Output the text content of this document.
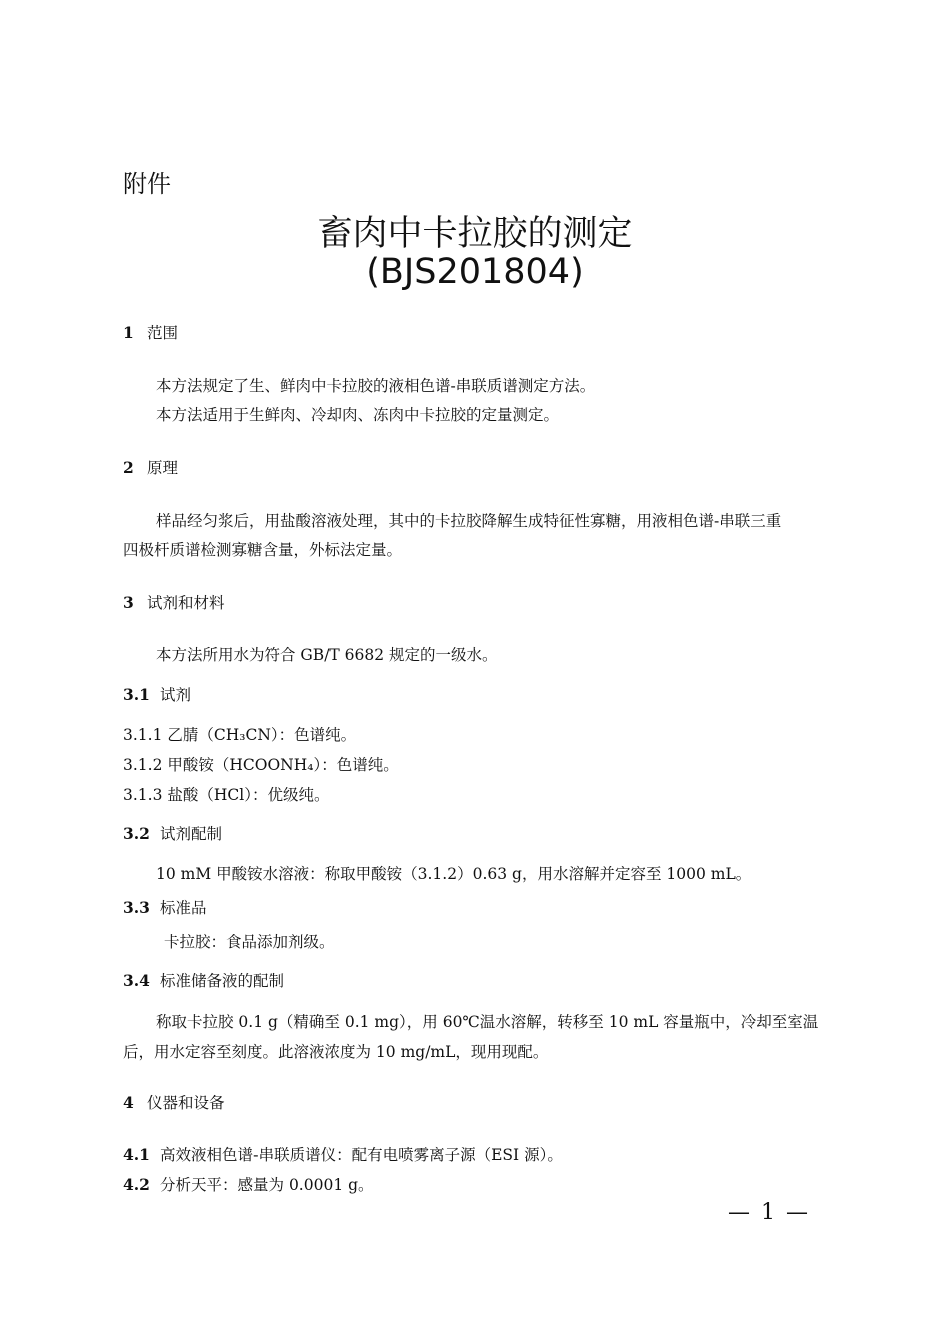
附件
畜肉中卡拉胶的测定
(BJS201804)
1 范围
本方法规定了生、鲜肉中卡拉胶的液相色谱-串联质谱测定方法。
本方法适用于生鲜肉、冷却肉、冻肉中卡拉胶的定量测定。
2 原理
样品经匀浆后，用盐酸溶液处理，其中的卡拉胶降解生成特征性寡糖，用液相色谱-串联三重
四极杆质谱检测寡糖含量，外标法定量。
3 试剂和材料
本方法所用水为符合 GB/T 6682 规定的一级水。
3.1 试剂
3.1.1 乙腈（CH₃CN）：色谱纯。
3.1.2 甲酸铵（HCOONH₄）：色谱纯。
3.1.3 盐酸（HCl）：优级纯。
3.2 试剂配制
10 mM 甲酸铵水溶液：称取甲酸铵（3.1.2）0.63 g，用水溶解并定容至 1000 mL。
3.3 标准品
卡拉胶：食品添加剂级。
3.4 标准储备液的配制
称取卡拉胶 0.1 g（精确至 0.1 mg），用 60℃温水溶解，转移至 10 mL 容量瓶中，冷却至室温
后，用水定容至刻度。此溶液浓度为 10 mg/mL，现用现配。
4 仪器和设备
4.1 高效液相色谱-串联质谱仪：配有电喷雾离子源（ESI 源）。
4.2 分析天平：感量为 0.0001 g。
— 1 —
